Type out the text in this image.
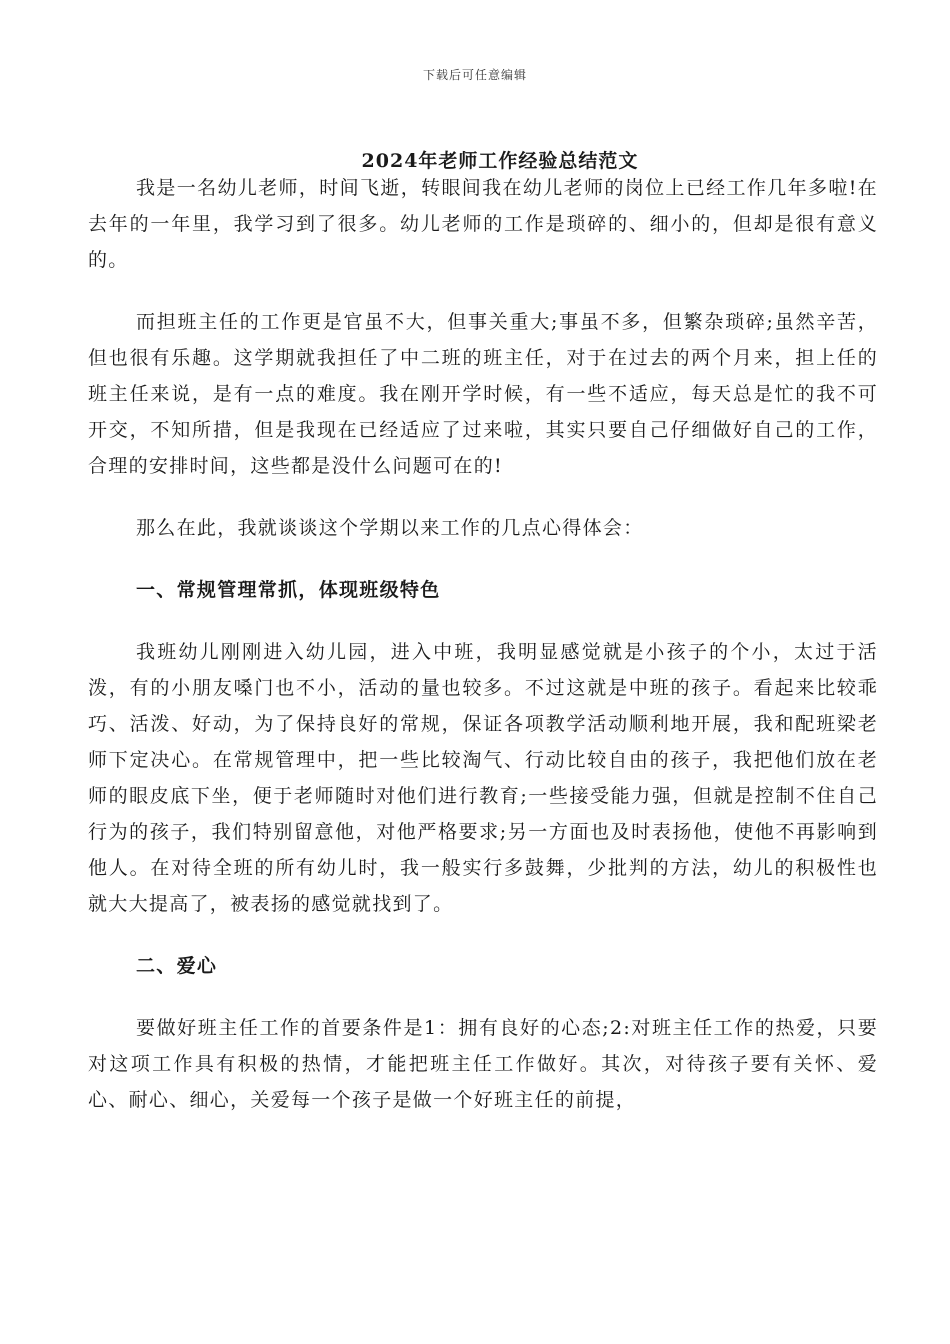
下载后可任意编辑
2024年老师工作经验总结范文

我是一名幼儿老师，时间飞逝，转眼间我在幼儿老师的岗位上已经工作几年多啦!在去年的一年里，我学习到了很多。幼儿老师的工作是琐碎的、细小的，但却是很有意义的。

而担班主任的工作更是官虽不大，但事关重大;事虽不多，但繁杂琐碎;虽然辛苦，但也很有乐趣。这学期就我担任了中二班的班主任，对于在过去的两个月来，担上任的班主任来说，是有一点的难度。我在刚开学时候，有一些不适应，每天总是忙的我不可开交，不知所措，但是我现在已经适应了过来啦，其实只要自己仔细做好自己的工作，合理的安排时间，这些都是没什么问题可在的!

那么在此，我就谈谈这个学期以来工作的几点心得体会：

一、常规管理常抓，体现班级特色

我班幼儿刚刚进入幼儿园，进入中班，我明显感觉就是小孩子的个小，太过于活泼，有的小朋友嗓门也不小，活动的量也较多。不过这就是中班的孩子。看起来比较乖巧、活泼、好动，为了保持良好的常规，保证各项教学活动顺利地开展，我和配班梁老师下定决心。在常规管理中，把一些比较淘气、行动比较自由的孩子，我把他们放在老师的眼皮底下坐，便于老师随时对他们进行教育;一些接受能力强，但就是控制不住自己行为的孩子，我们特别留意他，对他严格要求;另一方面也及时表扬他，使他不再影响到他人。在对待全班的所有幼儿时，我一般实行多鼓舞，少批判的方法，幼儿的积极性也就大大提高了，被表扬的感觉就找到了。

二、爱心

要做好班主任工作的首要条件是1：拥有良好的心态;2:对班主任工作的热爱，只要对这项工作具有积极的热情，才能把班主任工作做好。其次，对待孩子要有关怀、爱心、耐心、细心，关爱每一个孩子是做一个好班主任的前提，
